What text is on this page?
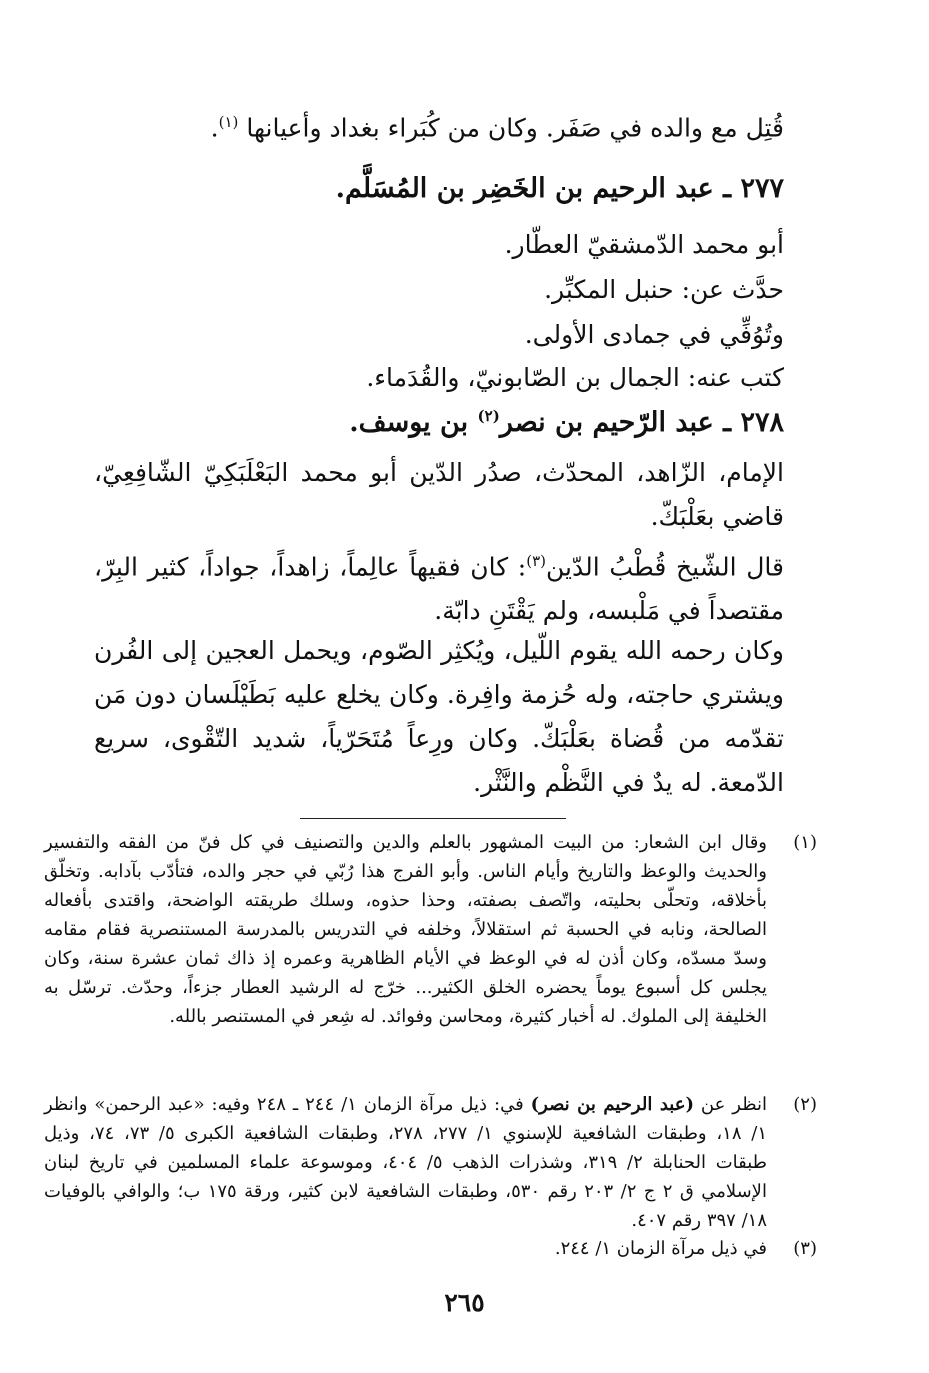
قُتِل مع والده في صَفَر. وكان من كُبَراء بغداد وأعيانها $^{(١)}$.
٢٧٧ ـ عبد الرحيم بن الخَضِر بن المُسَلَّم.
أبو محمد الدّمشقيّ العطّار.
حدَّث عن: حنبل المكبِّر.
وتُوُفِّي في جمادى الأولى.
كتب عنه: الجمال بن الصّابونيّ، والقُدَماء.
٢٧٨ ـ عبد الرّحيم بن نصر$^{(٢)}$ بن يوسف.

الإمام، الزّاهد، المحدّث، صدُر الدّين أبو محمد البَعْلَبَكِيّ الشّافِعِيّ، قاضي بعَلْبَكّ.

قال الشّيخ قُطْبُ الدّين$^{(٣)}$: كان فقيهاً عالِماً، زاهداً، جواداً، كثير البِرّ، مقتصداً في مَلْبسه، ولم يَقْتَنِ دابّة.

وكان رحمه الله يقوم اللّيل، ويُكثِر الصّوم، ويحمل العجين إلى الفُرن ويشتري حاجته، وله حُزمة وافِرة. وكان يخلع عليه بَطَيْلَسان دون مَن تقدّمه من قُضاة بعَلْبَكّ. وكان ورِعاً مُتَحَرّياً، شديد التّقْوى، سريع الدّمعة. له يدٌ في النَّظْم والنَّثْر.

(١)

وقال ابن الشعار: من البيت المشهور بالعلم والدين والتصنيف في كل فنّ من الفقه والتفسير والحديث والوعظ والتاريخ وأيام الناس. وأبو الفرج هذا رُبّي في حجر والده، فتأدّب بآدابه. وتخلّق بأخلاقه، وتحلّى بحليته، واتّصف بصفته، وحذا حذوه، وسلك طريقته الواضحة، واقتدى بأفعاله الصالحة، ونابه في الحسبة ثم استقلالاً، وخلفه في التدريس بالمدرسة المستنصرية فقام مقامه وسدّ مسدّه، وكان أذن له في الوعظ في الأيام الظاهرية وعمره إذ ذاك ثمان عشرة سنة، وكان يجلس كل أسبوع يوماً يحضره الخلق الكثير... خرّج له الرشيد العطار جزءاً، وحدّث. ترسّل به الخليفة إلى الملوك. له أخبار كثيرة، ومحاسن وفوائد. له شِعر في المستنصر بالله.

(٢)

انظر عن (عبد الرحيم بن نصر) في: ذيل مرآة الزمان ١/ ٢٤٤ ـ ٢٤٨ وفيه: «عبد الرحمن» وانظر ١/ ١٨، وطبقات الشافعية للإسنوي ١/ ٢٧٧، ٢٧٨، وطبقات الشافعية الكبرى ٥/ ٧٣، ٧٤، وذيل طبقات الحنابلة ٢/ ٣١٩، وشذرات الذهب ٥/ ٤٠٤، وموسوعة علماء المسلمين في تاريخ لبنان الإسلامي ق ٢ ج ٢/ ٢٠٣ رقم ٥٣٠، وطبقات الشافعية لابن كثير، ورقة ١٧٥ ب؛ والوافي بالوفيات ١٨/ ٣٩٧ رقم ٤٠٧.

(٣)

في ذيل مرآة الزمان ١/ ٢٤٤.

٢٦٥
